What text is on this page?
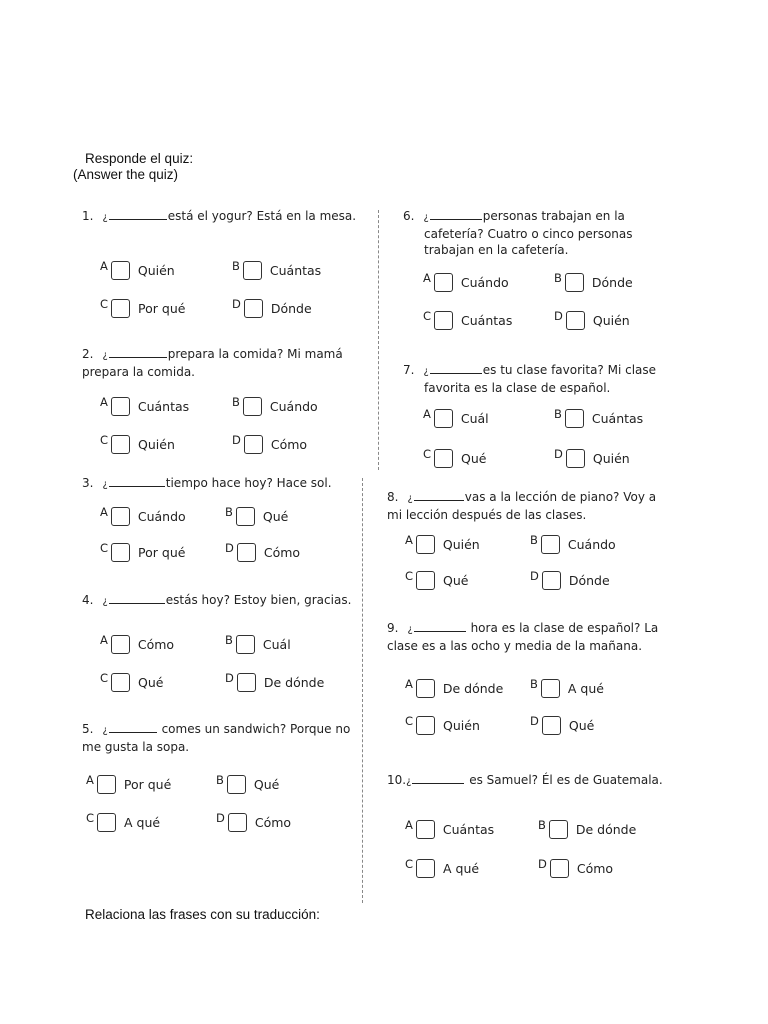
Responde el quiz:
(Answer the quiz)
1. ¿	está el yogur? Está en la mesa.
A Quién	B Cuántas
C Por qué	D Dónde
2. ¿	prepara la comida? Mi mamá
prepara la comida.
A Cuántas	B Cuándo
C Quién	D Cómo
3. ¿	tiempo hace hoy? Hace sol.
A Cuándo	B Qué
C Por qué	D Cómo
4. ¿	estás hoy? Estoy bien, gracias.
A Cómo	B Cuál
C Qué	D De dónde
5. ¿	comes un sandwich? Porque no
me gusta la sopa.
A Por qué	B Qué
C A qué	D Cómo
6. ¿	personas trabajan en la
cafetería? Cuatro o cinco personas
trabajan en la cafetería.
A Cuándo	B Dónde
C Cuántas	D Quién
7. ¿	es tu clase favorita? Mi clase
favorita es la clase de español.
A Cuál	B Cuántas
C Qué	D Quién
8. ¿	vas a la lección de piano? Voy a
mi lección después de las clases.
A Quién	B Cuándo
C Qué	D Dónde
9. ¿	hora es la clase de español? La
clase es a las ocho y media de la mañana.
A De dónde B A qué
C Quién	D Qué
10.¿	es Samuel? Él es de Guatemala.
A Cuántas	B De dónde
C A qué	D Cómo
Relaciona las frases con su traducción:
